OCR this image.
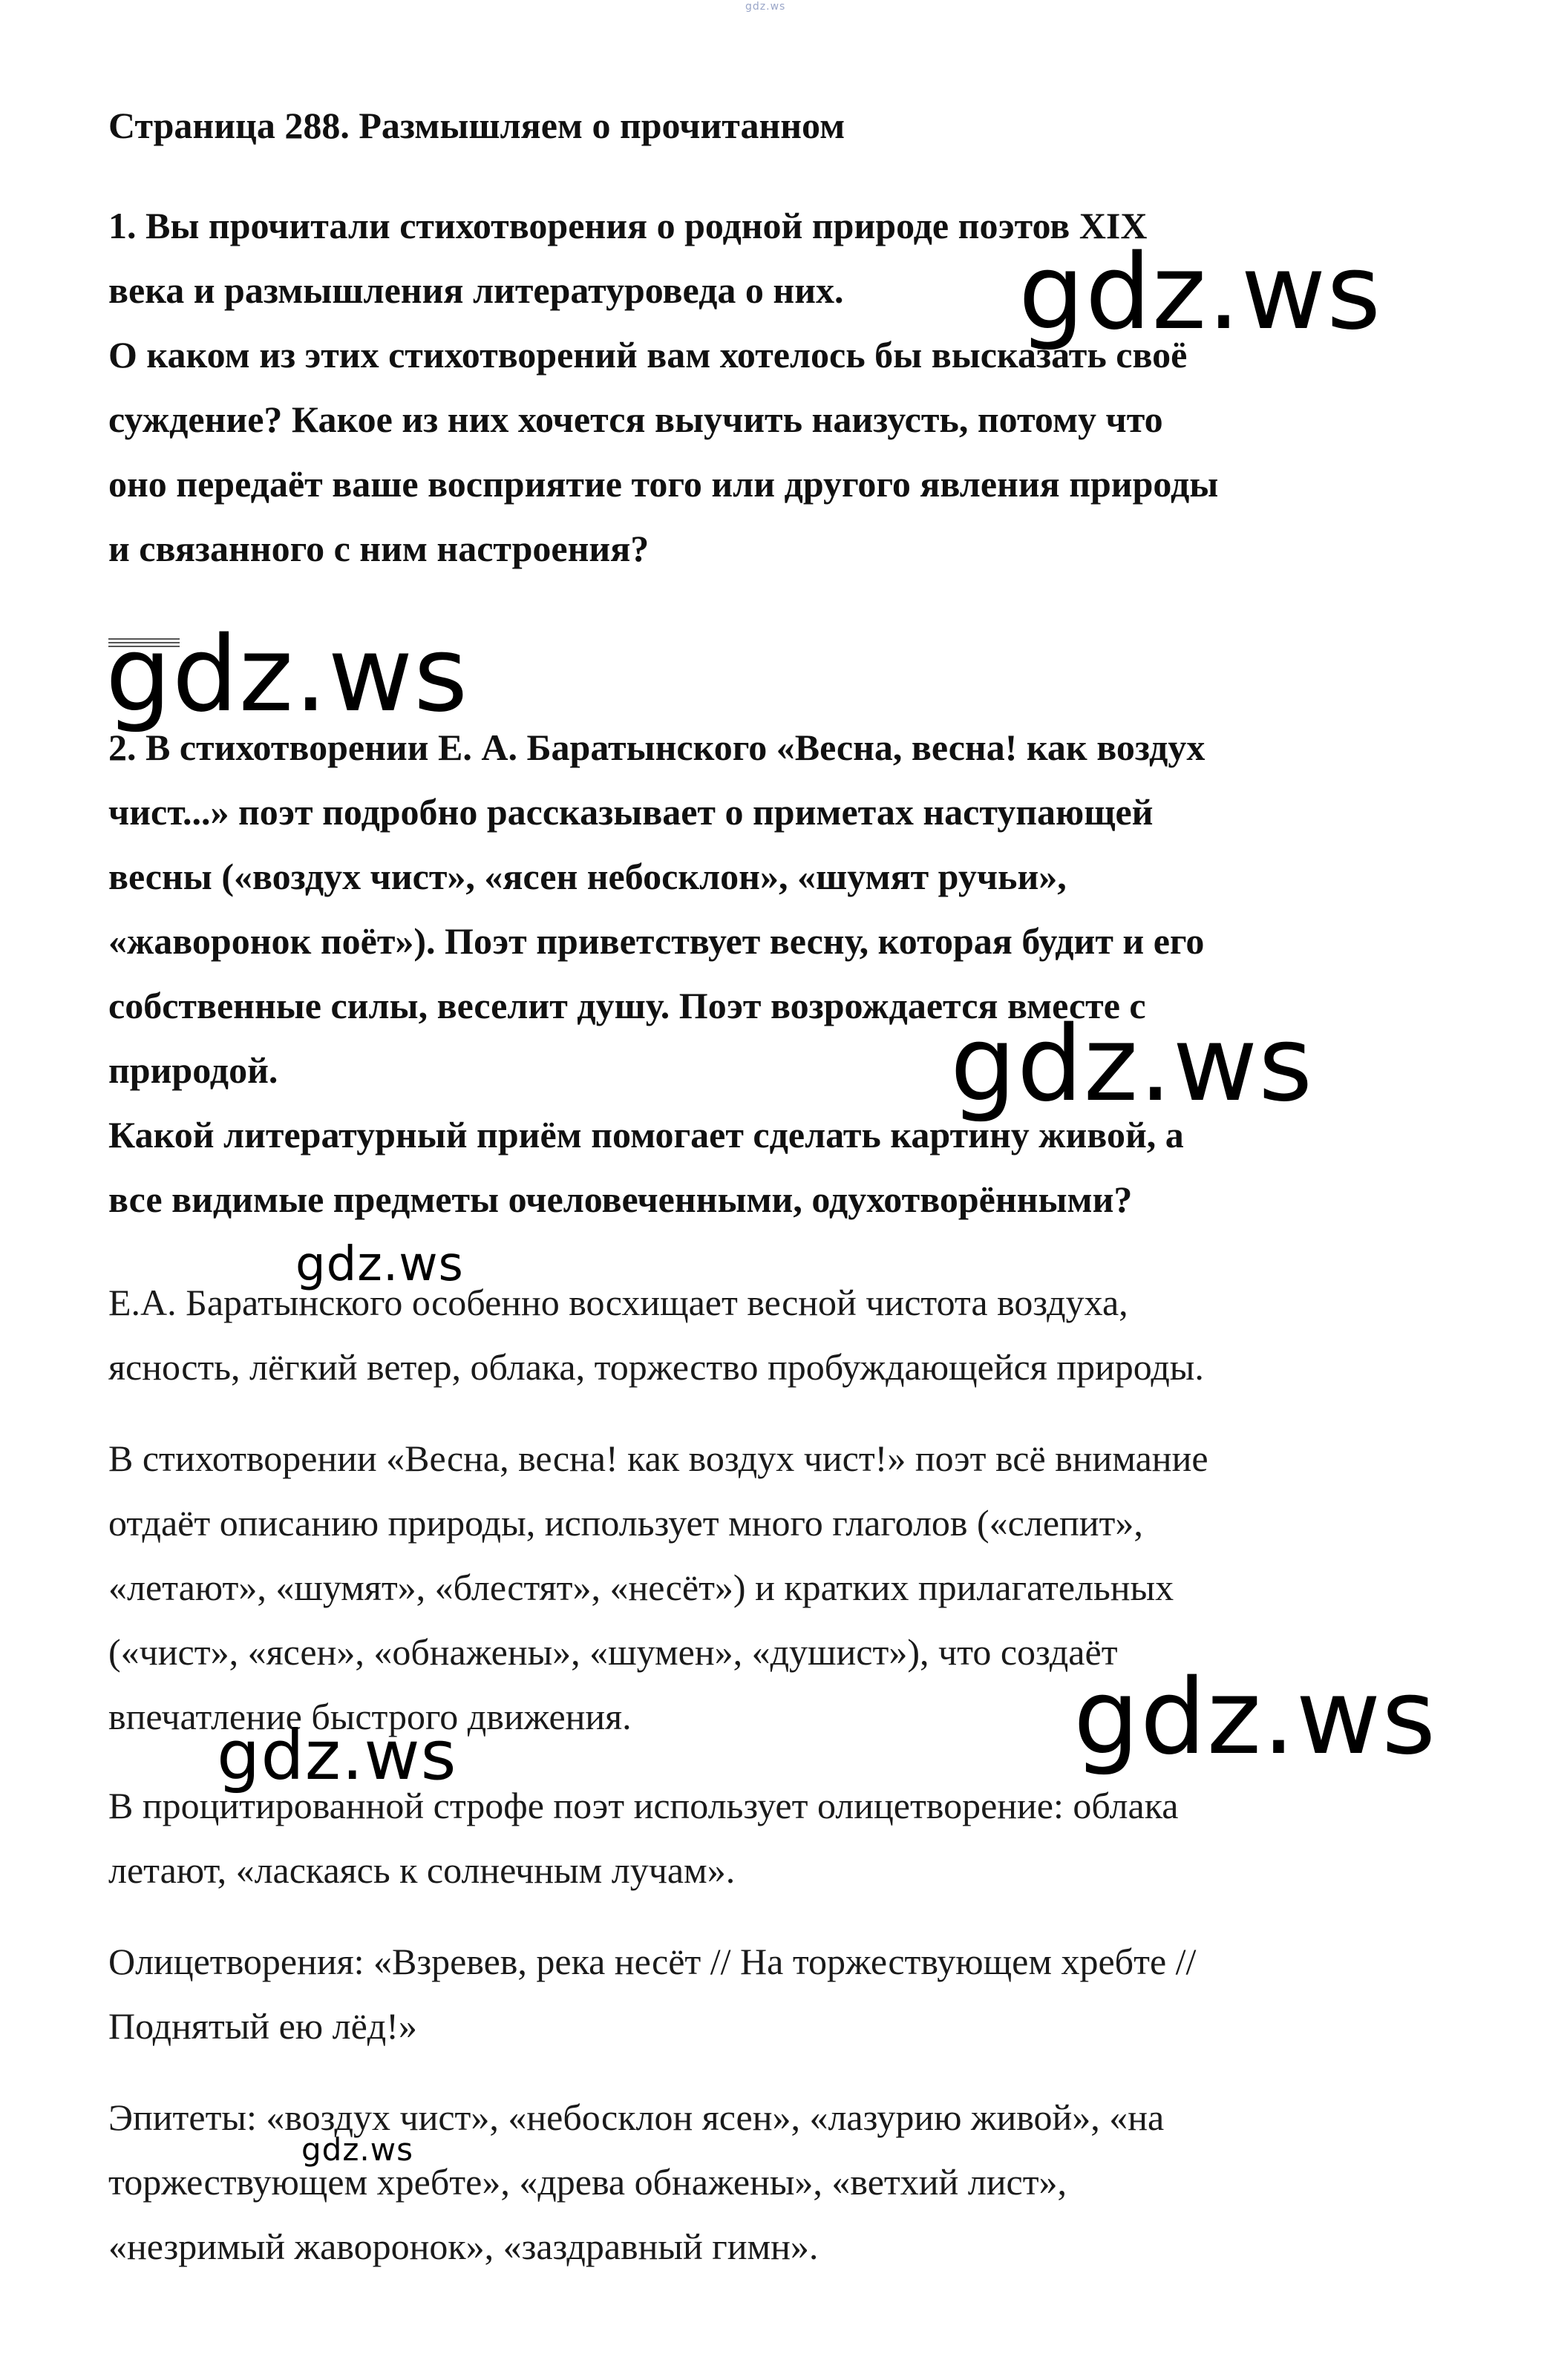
gdz.ws
Страница 288. Размышляем о прочитанном

1. Вы прочитали стихотворения о родной природе поэтов XIX

века и размышления литературоведа о них.

О каком из этих стихотворений вам хотелось бы высказать своё

суждение? Какое из них хочется выучить наизусть, потому что

оно передаёт ваше восприятие того или другого явления природы

и связанного с ним настроения?

2. В стихотворении Е. А. Баратынского «Весна, весна! как воздух

чист...» поэт подробно рассказывает о приметах наступающей

весны («воздух чист», «ясен небосклон», «шумят ручьи»,

«жаворонок поёт»). Поэт приветствует весну, которая будит и его

собственные силы, веселит душу. Поэт возрождается вместе с

природой.

Какой литературный приём помогает сделать картину живой, а

все видимые предметы очеловеченными, одухотворёнными?

Е.А. Баратынского особенно восхищает весной чистота воздуха,

ясность, лёгкий ветер, облака, торжество пробуждающейся природы.

В стихотворении «Весна, весна! как воздух чист!» поэт всё внимание

отдаёт описанию природы, использует много глаголов («слепит»,

«летают», «шумят», «блестят», «несёт») и кратких прилагательных

(«чист», «ясен», «обнажены», «шумен», «душист»), что создаёт

впечатление быстрого движения.

В процитированной строфе поэт использует олицетворение: облака

летают, «ласкаясь к солнечным лучам».

Олицетворения: «Взревев, река несёт // На торжествующем хребте //

Поднятый ею лёд!»

Эпитеты: «воздух чист», «небосклон ясен», «лазурию живой», «на

торжествующем хребте», «древа обнажены», «ветхий лист»,

«незримый жаворонок», «заздравный гимн».

gdz.ws
gdz.ws
gdz.ws
gdz.ws
gdz.ws
gdz.ws
gdz.ws
